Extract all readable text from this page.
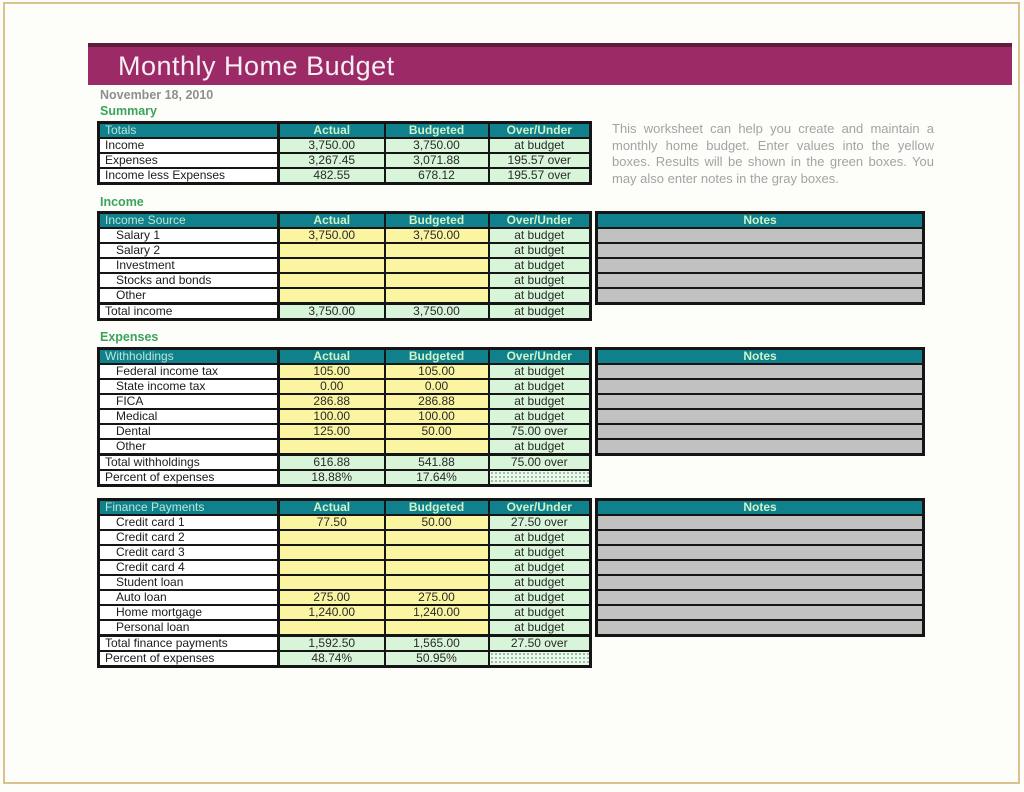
Monthly Home Budget
November 18, 2010
Summary
Totals	Actual	Budgeted	Over/Under
Income	3,750.00	3,750.00	at budget
Expenses	3,267.45	3,071.88	195.57 over
Income less Expenses	482.55	678.12	195.57 over
This worksheet can help you create and maintain a monthly home budget. Enter values into the yellow boxes. Results will be shown in the green boxes. You may also enter notes in the gray boxes.
Income
Income Source	Actual	Budgeted	Over/Under
Salary 1	3,750.00	3,750.00	at budget
Salary 2			at budget
Investment			at budget
Stocks and bonds			at budget
Other			at budget
Total income	3,750.00	3,750.00	at budget
Notes

Expenses
Withholdings	Actual	Budgeted	Over/Under
Federal income tax	105.00	105.00	at budget
State income tax	0.00	0.00	at budget
FICA	286.88	286.88	at budget
Medical	100.00	100.00	at budget
Dental	125.00	50.00	75.00 over
Other			at budget
Total withholdings	616.88	541.88	75.00 over
Percent of expenses	18.88%	17.64%	
Notes

Finance Payments	Actual	Budgeted	Over/Under
Credit card 1	77.50	50.00	27.50 over
Credit card 2			at budget
Credit card 3			at budget
Credit card 4			at budget
Student loan			at budget
Auto loan	275.00	275.00	at budget
Home mortgage	1,240.00	1,240.00	at budget
Personal loan			at budget
Total finance payments	1,592.50	1,565.00	27.50 over
Percent of expenses	48.74%	50.95%	
Notes
